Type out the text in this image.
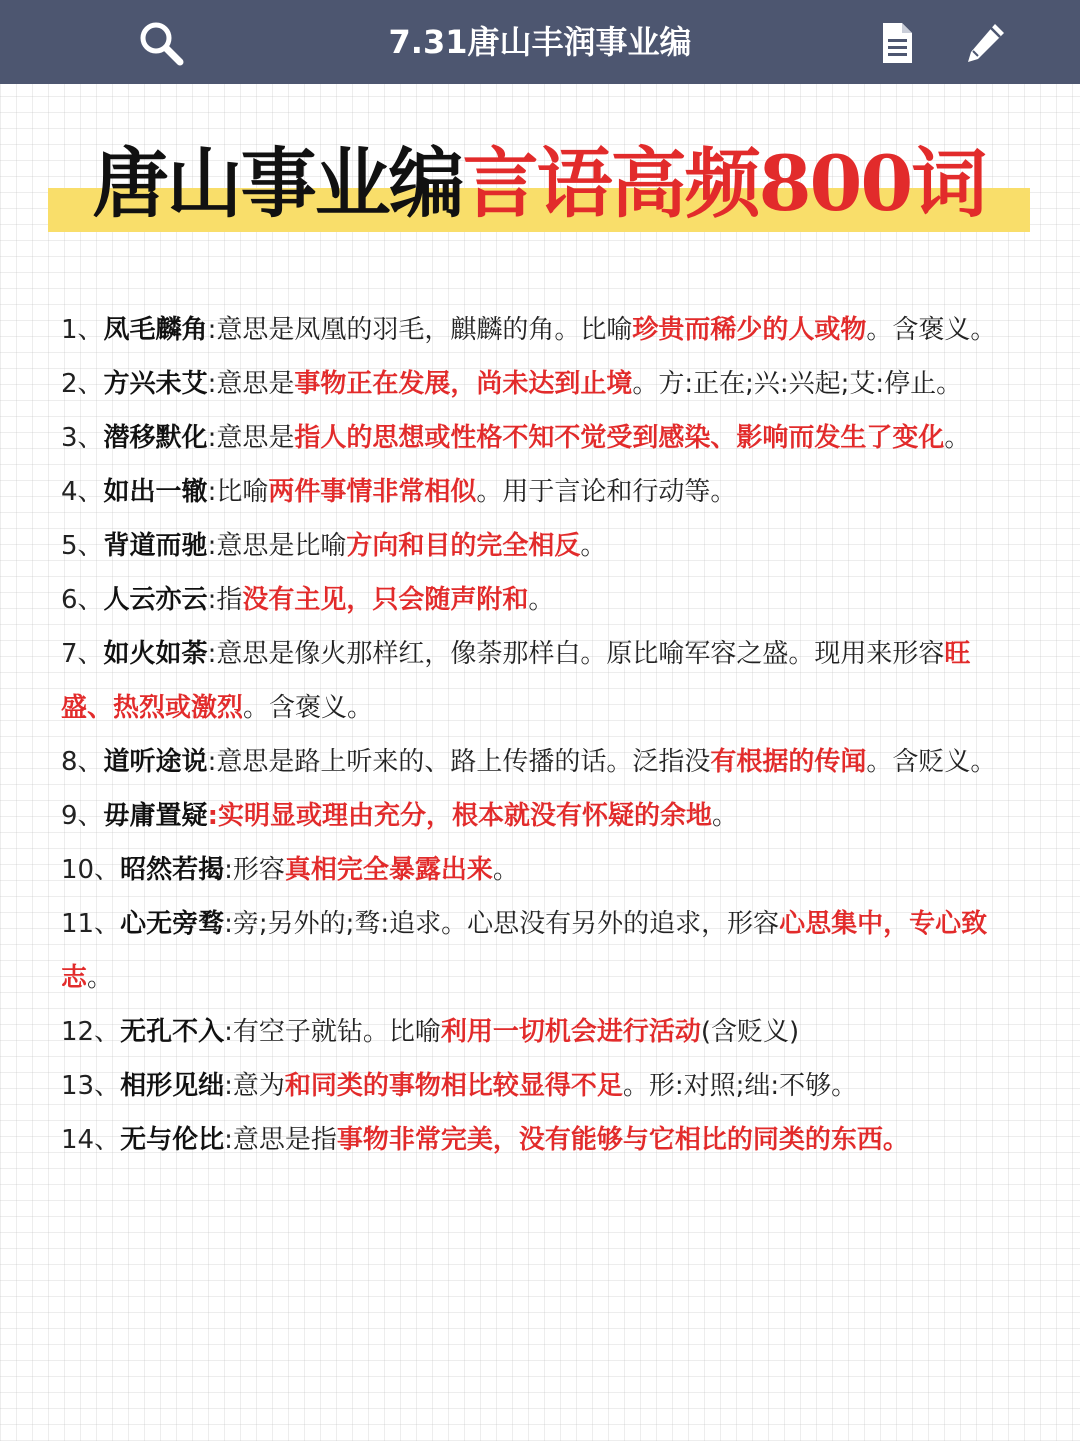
7.31唐山丰润事业编
唐山事业编言语高频800词
1、凤毛麟角:意思是凤凰的羽毛，麒麟的角。比喻珍贵而稀少的人或物。含褒义。
2、方兴未艾:意思是事物正在发展，尚未达到止境。方:正在;兴:兴起;艾:停止。
3、潜移默化:意思是指人的思想或性格不知不觉受到感染、影响而发生了变化。
4、如出一辙:比喻两件事情非常相似。用于言论和行动等。
5、背道而驰:意思是比喻方向和目的完全相反。
6、人云亦云:指没有主见，只会随声附和。
7、如火如荼:意思是像火那样红，像荼那样白。原比喻军容之盛。现用来形容旺盛、热烈或激烈。含褒义。
8、道听途说:意思是路上听来的、路上传播的话。泛指没有根据的传闻。含贬义。
9、毋庸置疑:实明显或理由充分，根本就没有怀疑的余地。
10、昭然若揭:形容真相完全暴露出来。
11、心无旁骛:旁;另外的;骛:追求。心思没有另外的追求，形容心思集中，专心致志。
12、无孔不入:有空子就钻。比喻利用一切机会进行活动(含贬义)
13、相形见绌:意为和同类的事物相比较显得不足。形:对照;绌:不够。
14、无与伦比:意思是指事物非常完美，没有能够与它相比的同类的东西。
